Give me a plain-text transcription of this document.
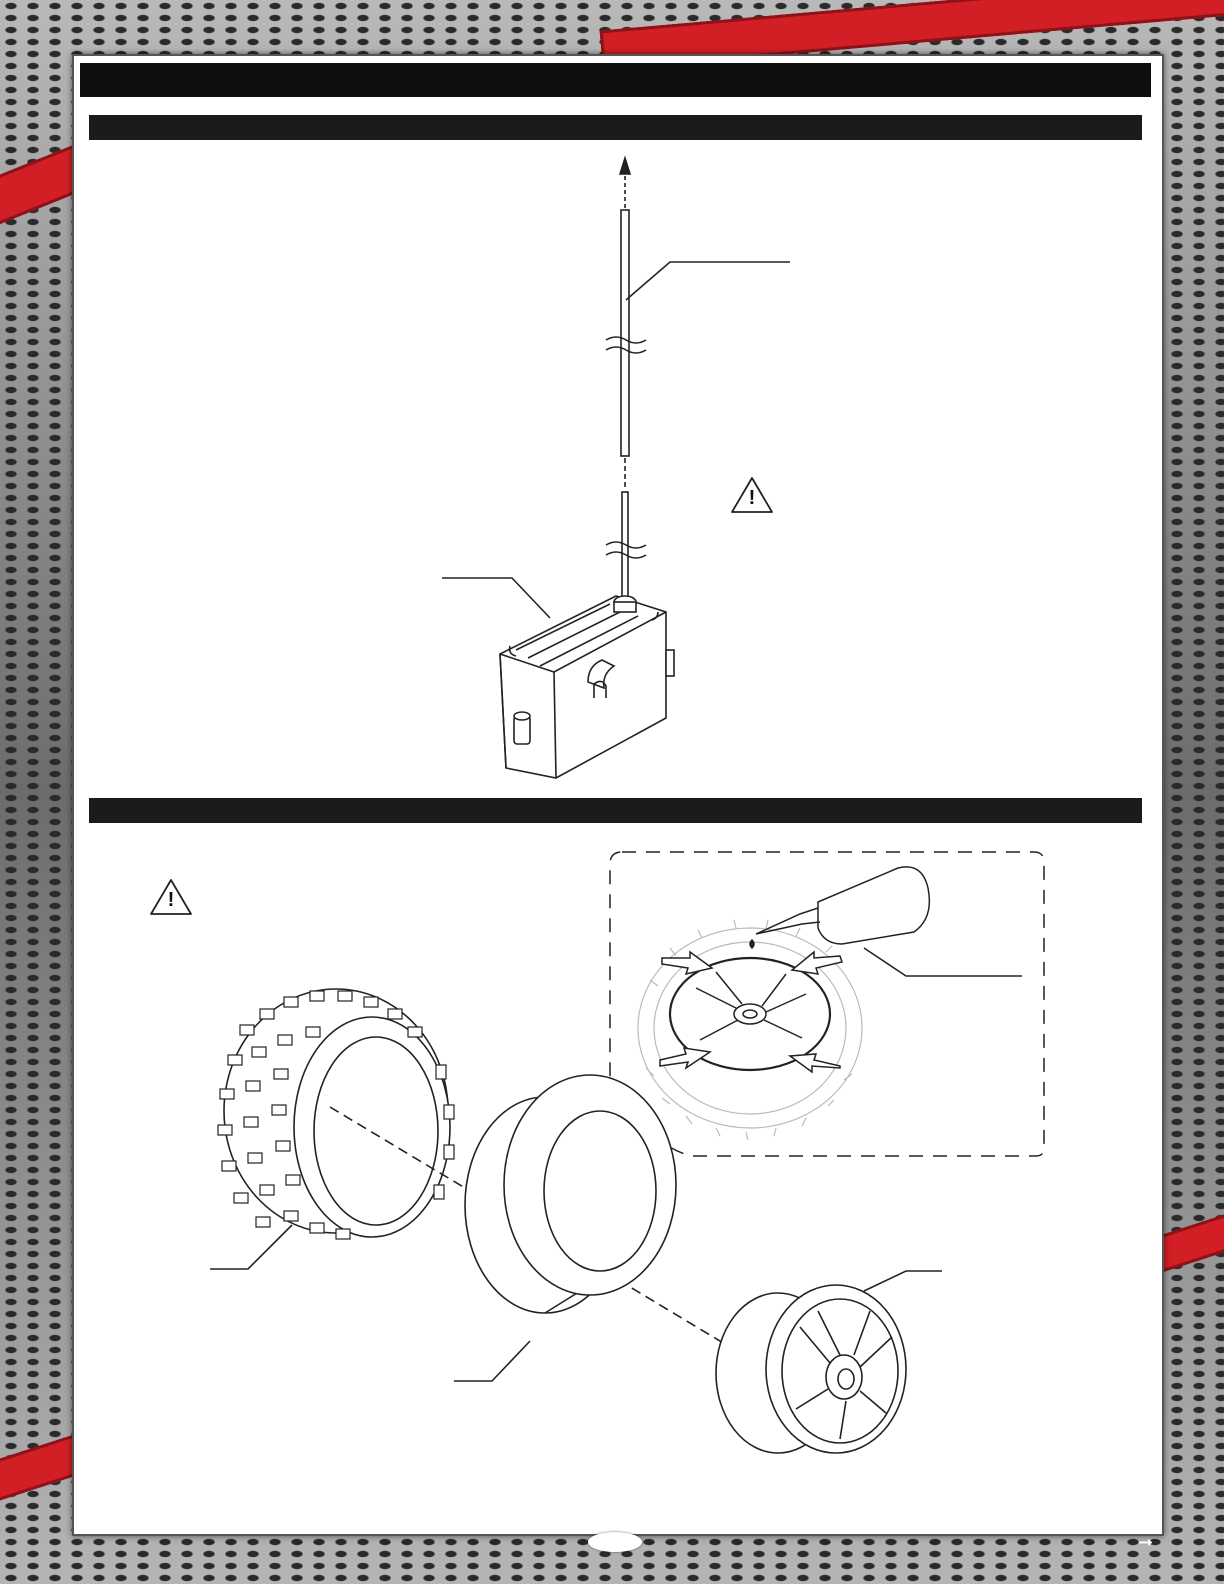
!
!
➞
